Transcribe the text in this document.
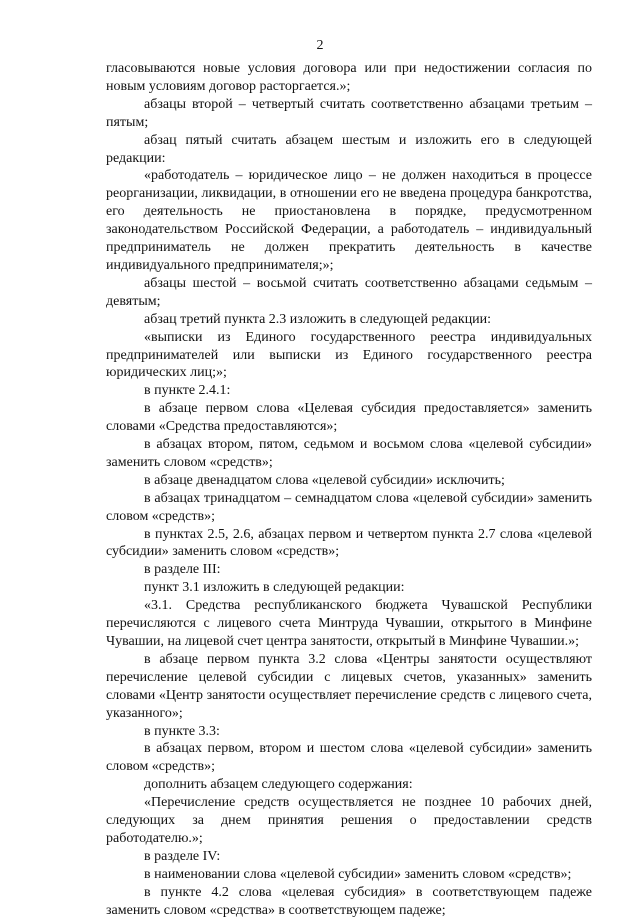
2

гласовываются новые условия договора или при недостижении согласия по новым условиям договор расторгается.»;

абзацы второй – четвертый считать соответственно абзацами третьим – пятым;

абзац пятый считать абзацем шестым и изложить его в следующей редакции:

«работодатель – юридическое лицо – не должен находиться в процессе реорганизации, ликвидации, в отношении его не введена процедура банкротства, его деятельность не приостановлена в порядке, предусмотренном законодательством Российской Федерации, а работодатель – индивидуальный предприниматель не должен прекратить деятельность в качестве индивидуального предпринимателя;»;

абзацы шестой – восьмой считать соответственно абзацами седьмым – девятым;

абзац третий пункта 2.3 изложить в следующей редакции:

«выписки из Единого государственного реестра индивидуальных предпринимателей или выписки из Единого государственного реестра юридических лиц;»;

в пункте 2.4.1:

в абзаце первом слова «Целевая субсидия предоставляется» заменить словами «Средства предоставляются»;

в абзацах втором, пятом, седьмом и восьмом слова «целевой субсидии» заменить словом «средств»;

в абзаце двенадцатом слова «целевой субсидии» исключить;

в абзацах тринадцатом – семнадцатом слова «целевой субсидии» заменить словом «средств»;

в пунктах 2.5, 2.6, абзацах первом и четвертом пункта 2.7 слова «целевой субсидии» заменить словом «средств»;

в разделе III:

пункт 3.1 изложить в следующей редакции:

«3.1. Средства республиканского бюджета Чувашской Республики перечисляются с лицевого счета Минтруда Чувашии, открытого в Минфине Чувашии, на лицевой счет центра занятости, открытый в Минфине Чувашии.»;

в абзаце первом пункта 3.2 слова «Центры занятости осуществляют перечисление целевой субсидии с лицевых счетов, указанных» заменить словами «Центр занятости осуществляет перечисление средств с лицевого счета, указанного»;

в пункте 3.3:

в абзацах первом, втором и шестом слова «целевой субсидии» заменить словом «средств»;

дополнить абзацем следующего содержания:

«Перечисление средств осуществляется не позднее 10 рабочих дней, следующих за днем принятия решения о предоставлении средств работодателю.»;

в разделе IV:

в наименовании слова «целевой субсидии» заменить словом «средств»;

в пункте 4.2 слова «целевая субсидия» в соответствующем падеже заменить словом «средства» в соответствующем падеже;
